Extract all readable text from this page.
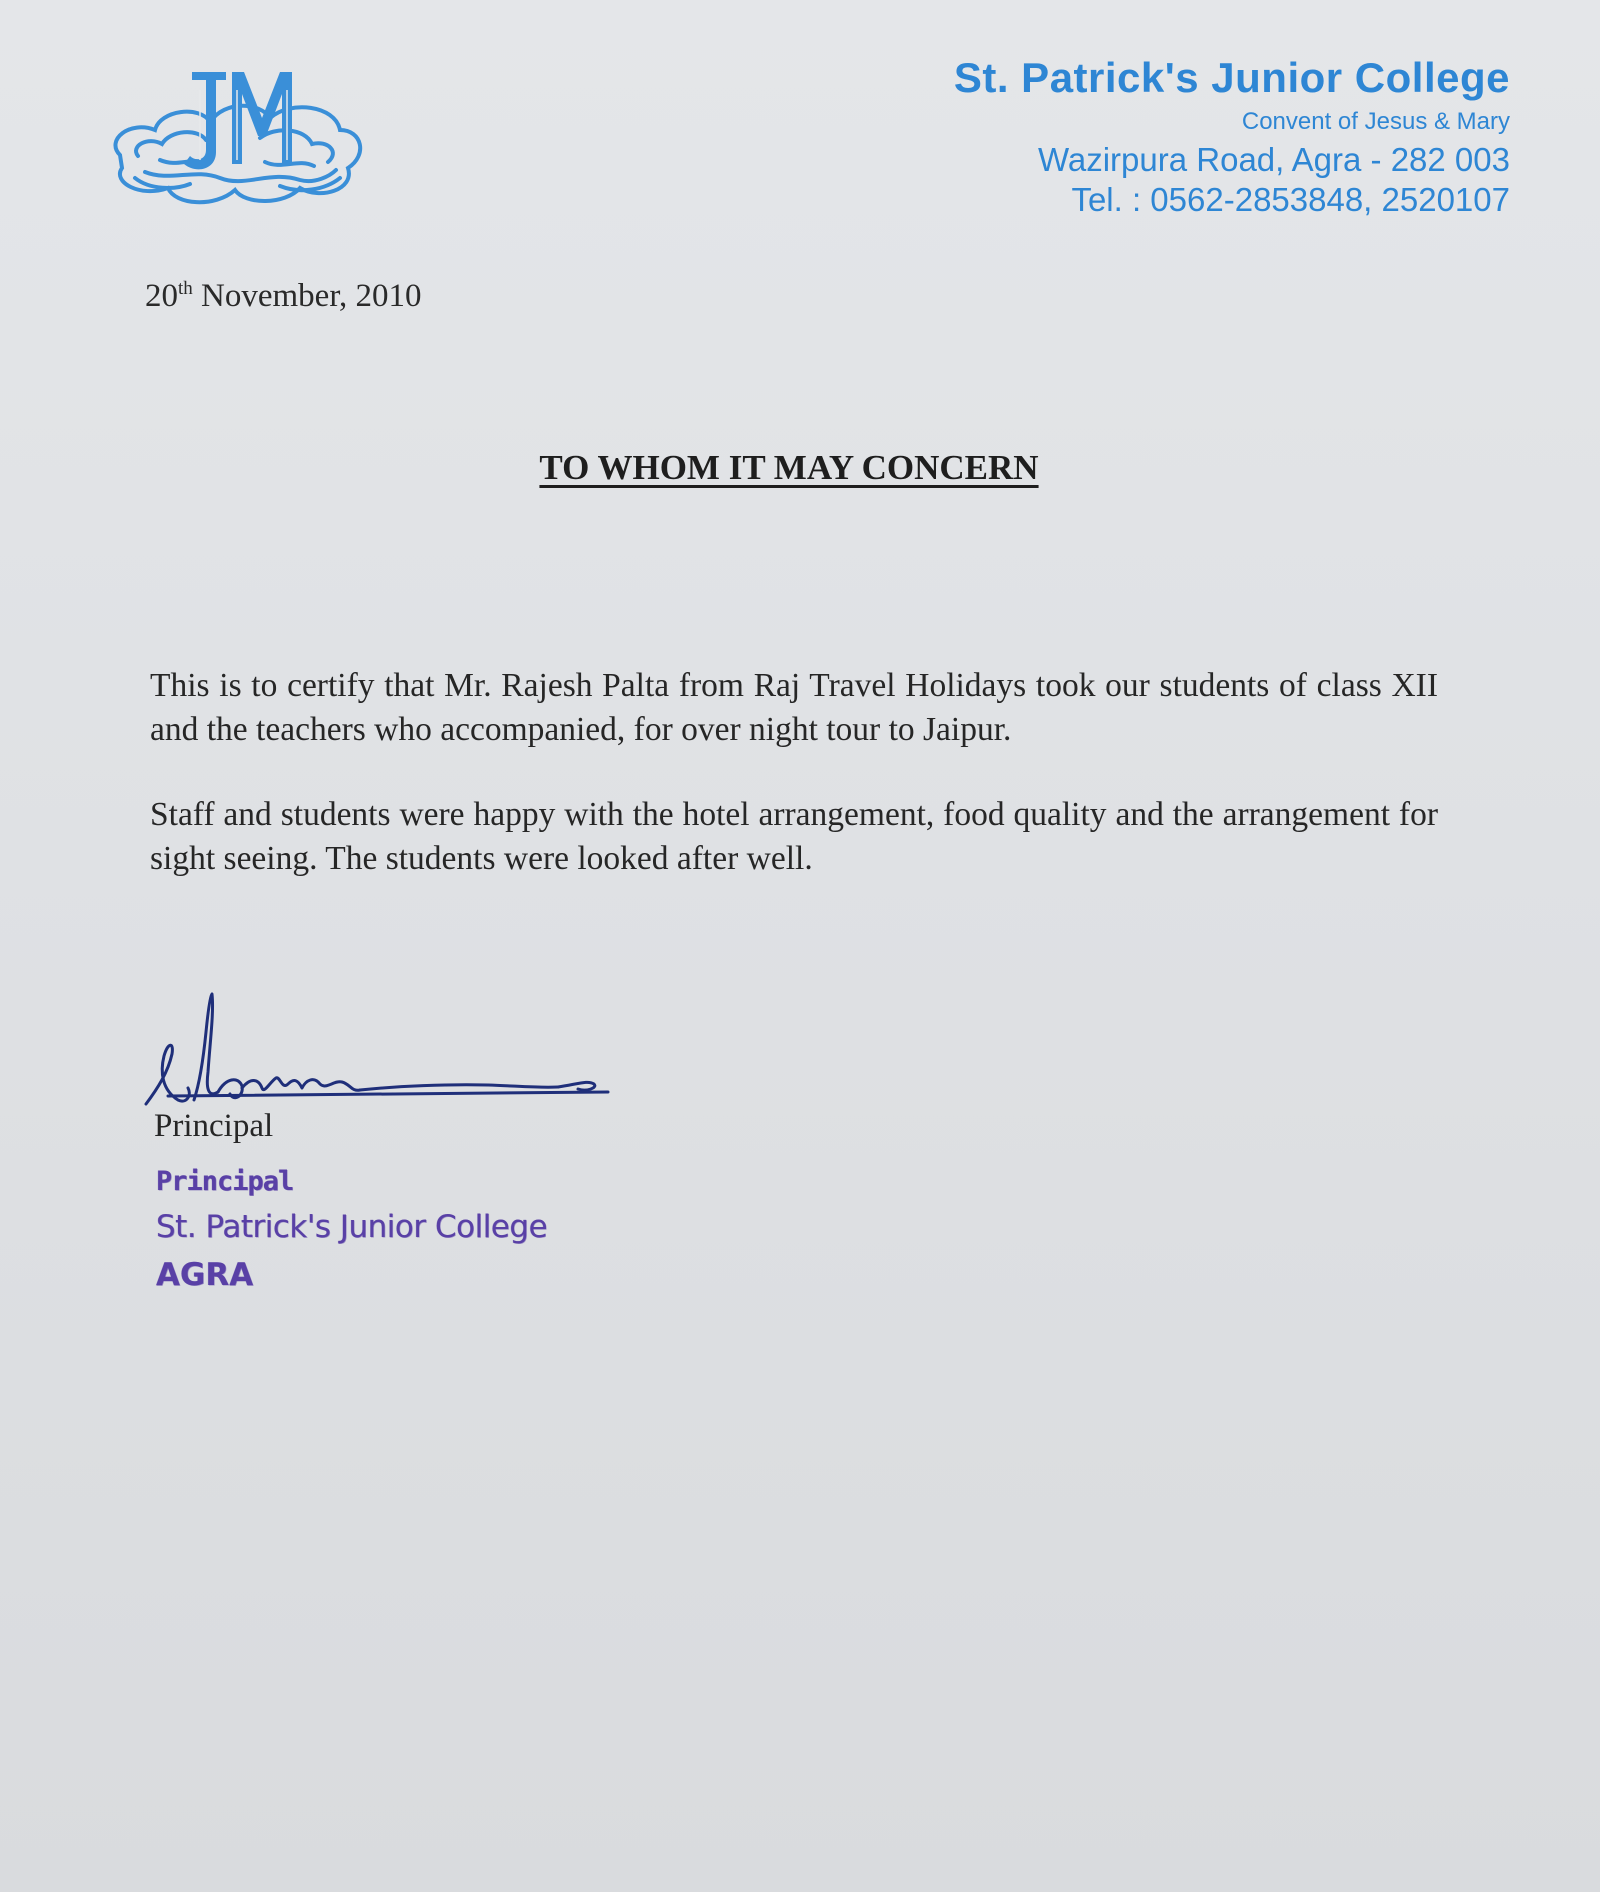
St. Patrick's Junior College
Convent of Jesus & Mary
Wazirpura Road, Agra - 282 003
Tel. : 0562-2853848, 2520107
20th November, 2010
TO WHOM IT MAY CONCERN

This is to certify that Mr. Rajesh Palta from Raj Travel Holidays took our students of class XII and the teachers who accompanied, for over night tour to Jaipur.

Staff and students were happy with the hotel arrangement, food quality and the arrangement for sight seeing. The students were looked after well.

Principal
Principal
St. Patrick's Junior College
AGRA
